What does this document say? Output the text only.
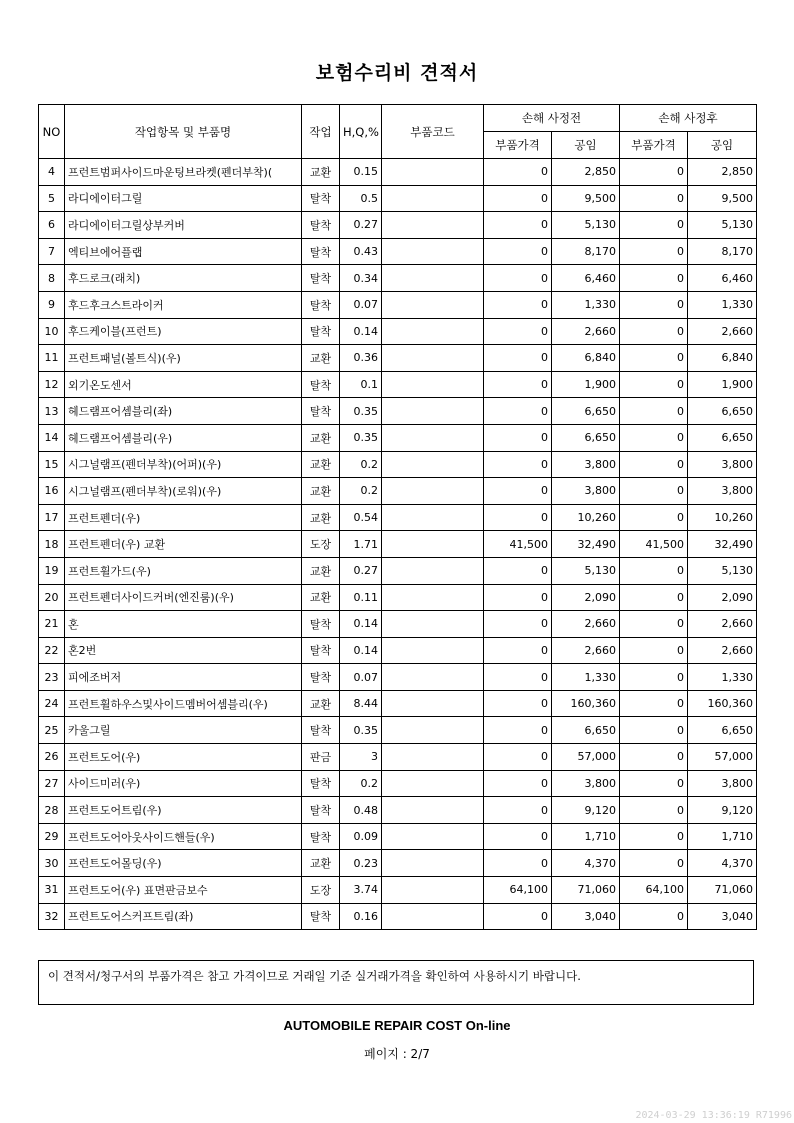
보험수리비 견적서
NO	작업항목 및 부품명	작업	H,Q,%	부품코드	손해 사정전		손해 사정후	
					부품가격	공임	부품가격	공임
4	프런트범퍼사이드마운팅브라켓(펜더부착)(	교환	0.15		0	2,850	0	2,850
5	라디에이터그릴	탈착	0.5		0	9,500	0	9,500
6	라디에이터그릴상부커버	탈착	0.27		0	5,130	0	5,130
7	엑티브에어플랩	탈착	0.43		0	8,170	0	8,170
8	후드로크(래치)	탈착	0.34		0	6,460	0	6,460
9	후드후크스트라이커	탈착	0.07		0	1,330	0	1,330
10	후드케이블(프런트)	탈착	0.14		0	2,660	0	2,660
11	프런트패널(볼트식)(우)	교환	0.36		0	6,840	0	6,840
12	외기온도센서	탈착	0.1		0	1,900	0	1,900
13	헤드램프어셈블리(좌)	탈착	0.35		0	6,650	0	6,650
14	헤드램프어셈블리(우)	교환	0.35		0	6,650	0	6,650
15	시그널램프(펜더부착)(어퍼)(우)	교환	0.2		0	3,800	0	3,800
16	시그널램프(펜더부착)(로워)(우)	교환	0.2		0	3,800	0	3,800
17	프런트펜더(우)	교환	0.54		0	10,260	0	10,260
18	프런트펜더(우) 교환	도장	1.71		41,500	32,490	41,500	32,490
19	프런트휠가드(우)	교환	0.27		0	5,130	0	5,130
20	프런트펜더사이드커버(엔진룸)(우)	교환	0.11		0	2,090	0	2,090
21	혼	탈착	0.14		0	2,660	0	2,660
22	혼2번	탈착	0.14		0	2,660	0	2,660
23	피에조버저	탈착	0.07		0	1,330	0	1,330
24	프런트휠하우스및사이드멤버어셈블리(우)	교환	8.44		0	160,360	0	160,360
25	카울그릴	탈착	0.35		0	6,650	0	6,650
26	프런트도어(우)	판금	3		0	57,000	0	57,000
27	사이드미러(우)	탈착	0.2		0	3,800	0	3,800
28	프런트도어트림(우)	탈착	0.48		0	9,120	0	9,120
29	프런트도어아웃사이드핸들(우)	탈착	0.09		0	1,710	0	1,710
30	프런트도어몰딩(우)	교환	0.23		0	4,370	0	4,370
31	프런트도어(우) 표면판금보수	도장	3.74		64,100	71,060	64,100	71,060
32	프런트도어스커프트림(좌)	탈착	0.16		0	3,040	0	3,040
이 견적서/청구서의 부품가격은 참고 가격이므로 거래일 기준 실거래가격을 확인하여 사용하시기 바랍니다.
AUTOMOBILE REPAIR COST On-line
페이지 : 2/7
2024-03-29 13:36:19 R71996
